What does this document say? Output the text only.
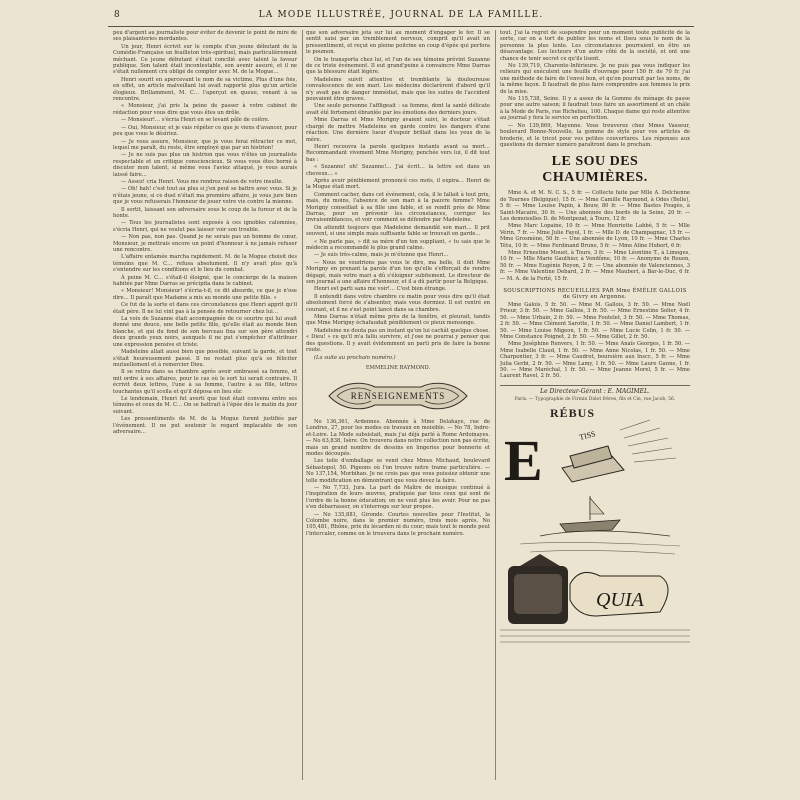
8	LA MODE ILLUSTRÉE, JOURNAL DE LA FAMILLE.

peu d'argent au journaliste pour éviter de devenir le point de mire de ses plaisanteries mordantes.

Un jour, Henri écrivit sur le compte d'un jeune débutant de la Comédie-Française un feuilleton très-spirituel, mais particulièrement méchant. Ce jeune débutant s'était concilié avec talent la faveur publique. Son talent était incontestable, son avenir assuré, et il ne s'était nullement cru obligé de compter avec M. de la Mogue…

Henri sourit en apercevant le nom de sa victime. Plus d'une fois, en effet, un article malveillant lui avait rapporté plus qu'un article élogieux. Brillamment, M. C… l'aperçut en queue, venant à sa rencontre.

« Monsieur, j'ai pris la peine de passer à votre cabinet de rédaction pour vous dire que vous êtes un drôle.

— Monsieur!… s'écria Henri en se levant pâle de colère.

— Oui, Monsieur, et je vais répéter ce que je viens d'avancer, pour peu que vous le désiriez.

— Je vous assure, Monsieur, que je vous ferai rétracter ce mot, lequel me paraît, du reste, être employé que par un histrion!

— Je ne suis pas plus un histrion que vous n'êtes un journaliste respectable et un critique consciencieux. Si vous vous êtes borné à discuter mon talent, si même vous l'aviez attaqué, je vous aurais laissé faire…

— Assez! cria Henri. Vous me rendrez raison de votre insulte.

— Oh! bah! c'est tout au plus si j'en peut se battre avec vous. Si je n'étais jeune, si ce duel n'était ma première affaire, je vous jure bien que je vous refuserais l'honneur de jouer votre vie contre la mienne.

Il sortit, laissant son adversaire sous le coup de la fureur et de la honte.

— Tous les journalistes sont exposés à ces ignobles calomnies, s'écria Henri, qui ne voulut pas laisser voir son trouble.

— Non pas, non pas. Quand je ne serais pas un homme de cœur, Monsieur, je mettrais encore un point d'honneur à ne jamais refuser une rencontre.

L'affaire entamée marcha rapidement. M. de la Mogue choisit des témoins que M. C… refusa absolument. Il n'y avait plus qu'à s'entendre sur les conditions et le lieu du combat.

À peine M. C… s'était-il éloigné, que le concierge de la maison habitée par Mme Darras se précipita dans le cabinet.

« Monsieur! Monsieur! s'écria-t-il, ce dit absurde, ce que je n'ose dire… Il paraît que Madame a mis au monde une petite fille. »

Ce fut de la sorte et dans ces circonstances que Henri apprit qu'il était père. Il ne lui vint pas à la pensée de retourner chez lui…

La voix de Suzanne était accompagnée de ce sourire qui lui avait donné une douce, une belle petite fille, qu'elle était au monde bien blanche, et qui du fond de son berceau fixa sur son père attendri deux grands yeux noirs, auxquels il ne put s'empêcher d'attribuer une expression pensive et triste.

Madeleine allait aussi bien que possible, suivant la garde, et tout s'était heureusement passé. Il ne restait plus qu'à se féliciter mutuellement et à remercier Dieu.

Il se retira dans sa chambre après avoir embrassé sa femme, et mit ordre à ses affaires, pour le cas où le sort lui serait contraire. Il écrivit deux lettres, l'une à sa femme, l'autre à sa fille, lettres touchantes qu'il scella et qu'il déposa en lieu sûr.

Le lendemain, Henri fut averti que tout était convenu entre ses témoins et ceux de M. C… On se battrait à l'épée dès le matin du jour suivant.

Les pressentiments de M. de la Mogue furent justifiés par l'événement. Il ne put soutenir le regard implacable de son adversaire…

que son adversaire jeta sur lui au moment d'engager le fer. Il se sentit saisi par un tremblement nerveux, comprit qu'il avait un pressentiment, et reçut en pleine poitrine un coup d'épée qui perfora le poumon.

On le transporta chez lui, et l'un de ses témoins prévint Suzanne de ce triste événement. Il eut grand'peine à convaincre Mme Darras que la blessure était légère.

Madeleine suivit attentive et tremblante la douloureuse convalescence de son mari. Les médecins déclarèrent d'abord qu'il n'y avait pas de danger immédiat, mais que les suites de l'accident pouvaient être graves.

Une seule personne l'affligeait : sa femme, dont la santé délicate avait été fortement ébranlée par les émotions des derniers jours.

Mme Darras et Mme Morigny avaient suivi, le docteur s'était chargé de mettre Madeleine en garde contre les dangers d'une réaction. Une dernière lueur d'espoir brillait dans les yeux de la mère.

Henri recouvra la parole quelques instants avant sa mort… Recommandant vivement Mme Morigny, penchée vers lui, il dit tout bas :

« Suzanne! oh! Suzanne!… J'ai écrit… la lettre est dans un cheveux… »

Après avoir péniblement prononcé ces mots, il expira… Henri de la Mogue était mort.

Comment cacher, dans cet événement, cela, il le fallait à tout prix, mais, du moins, l'absence de son mari à la pauvre femme? Mme Morigny conseillait à sa fille une fable, et se rendit près de Mme Darras, pour en prévenir les circonstances, corriger les invraisemblances, et voir comment se défendre par Madeleine.

On attendit toujours que Madeleine demandât son mari… Il prit souvent, si une simple mais suffisante fable se trouvait en garde…

« Ne parle pas, » dit sa mère d'un ton suppliant, « tu sais que le médecin a recommandé le plus grand calme.

— Je suis très-calme, mais je m'étonne que Henri…

— Nous ne voudrions pas vous le dire, ma belle, il doit Mme Morigny en prenant la parole d'un ton qu'elle s'efforçait de rendre dégagé, mais votre mari a dû s'éloigner subitement. Le directeur de son journal a une affaire d'honneur, et il a dû partir pour la Belgique.

Henri est parti sans me voir!… C'est bien étrange.

Il entendit dans votre chambre ce matin pour vous dire qu'il était absolument forcé de s'absenter, mais vous dormiez. Il est rentré en courant, et il ne s'est point lancé dans sa chambre.

Mme Darras n'était même près de la fenêtre, et pleurait, tandis que Mme Morigny échafaudait péniblement ce pieux mensonge.

Madeleine ne douta pas un instant qu'on lui cachât quelque chose. « Dieu! » ce qu'il m'a fallu survivre, et j'ose ne pourrai y penser que des questions. Il y avait évidemment un parti pris de faire la bonne route.

(La suite au prochain numéro.)

EMMELINE RAYMOND.
RENSEIGNEMENTS

No 136,361, Ardennes. Abonnée à Mme Delahaye, rue de Londres, 27, pour les modes ou travaux en moisible. — No 78, Indre-et-Loire. La Mode subsistait, mais j'ai déjà parlé à Rome Ardoinayes. — No 63,838, Isère. On trouvera dans notre collection non pas écrite, mais un grand nombre de dessins en lingeries pour bonnerie et modes découpés.

Les toile d'emballage se vend chez Mmes Michaud, boulevard Sébastopol, 50. Pigeons où l'on trouve notre trame particulière. — No 137,154, Morbihan. Je ne crois pas que vous puissiez obtenir une telle modification en démontrant que vous devez la faire.

— No 7,733, Jura. La part de Maître de musique continué à l'inspiration de leurs œuvres, pratiquée par tous ceux qui sont de l'ordre de la bonne éducation; on ne veut plus les avoir. Pour ne pas s'en débarrasser, on s'interroge sur leur propos.

— No 135,881, Gironde. Courtes nouvelles pour l'Institut, la Colombe noire, dans le premier numéro, trois mois après. No 105,481, Rhône, prix du lécarden ni du cour; mais tout le monde peut l'intercaler, comme on le trouvera dans le prochain numéro.

tout. J'ai la regret de suspendre pour un moment toute publicité de la sorte, car on a tort de publier les noms et Ilseu sous le nom de la personne la plus lente. Les circonstances pourraient en être un désavantage. Les lecteurs d'un autre côté de la société, et ont une chance de tenir secret ce qu'ils lisent.

No 139,719, Charente-Inférieure. Je ne puis pas vous indiquer les relieurs qui exécutent une feuille d'ouvrage pour 150 fr. de 70 fr. j'ai une méthode de faire de l'envoi bon, et qu'on pourrait par les noms, de la même façon. Il faudrait de plus faire comprendre aux femmes le prix de la mise.

No 115,738, Seine. Il y a assez de la Gomme de ménage de passe pour une autre saison; il faudrait tous faire un assortiment et un châle à la Mode de Paris, rue Richelieu, 100. Chaque dame qui reste attentive au journal y fera le service en perfection.

— No 139,869, Mayenne. Vous trouverez chez Mmes Vasseur, boulevard Bonne-Nouvelle, la gomme de style pour vos articles de broderie, et le tricot pour vos petites couvertures. Les réponses aux questions du dernier numéro paraîtront dans le prochain.

LE SOU DES CHAUMIÈRES.

Mme A. et M. N. C. S., 5 fr. — Collecte faite par Mlle A. Delchenne de Tournes (Belgique), 15 fr. — Mme Camille Raymond, à Odes (Belle), 5 fr. — Mme Louise Papin, à Bouw, 80 fr. — Mme Bastes Fougès, à Saint-Macaire, 30 fr. — Une abonnée des bords de la Seine, 20 fr. — Les demoiselles D. de Montpezat, à Tours, 12 fr.

Mme Marc Lopaine, 10 fr. — Mme Henriette Labbé, 5 fr. — Mlle Vérin, 7 fr. — Mme Julie Fayol, 1 fr. — Mlle D. de Champagnac, 15 fr. — Mme Grosmène, 50 fr. — Une abonnée de Lyon, 10 fr. — Mme Charles Tétu, 10 fr. — Mme Ferdinand Brune, 5 fr. — Mme Aline Hubert, 6 fr.

Mme Ernestine Mouet, à Tours, 3 fr. — Mme Léontine T., à Limoges, 10 fr. — Mlle Marie Gauthier, à Vendôme, 10 fr. — Anonyme de Rouen, 50 fr. — Mme Eugénie Royon, 2 fr. — Une abonnée de Valenciennes, 3 fr. — Mme Valentine Debard, 2 fr. — Mme Maubert, à Bar-le-Duc, 6 fr. — M. A. de la Ferté, 15 fr.

SOUSCRIPTIONS RECUEILLIES PAR Mme ÉMÉLIE GALLOIS de Givry en Argonne.

Mme Galois, 5 fr. 50. — Mme M. Gallois, 3 fr. 50. — Mme Noël Prieur, 3 fr. 50. — Mme Gallois, 3 fr. 50. — Mme Ernestine Solier, 4 fr. 50. — Mme Urbain, 2 fr. 50. — Mme Foutelet, 3 fr. 50. — Mme Thomas, 2 fr. 50. — Mme Clément Sarotte, 1 fr. 50. — Mme Daniel Lambert, 1 fr. 50. — Mme Louise Migeon, 1 fr. 50. — Mme Lucie Colin, 1 fr. 50. — Mme Constance Poignet, 2 fr. 50. — Mme Gillet, 2 fr. 50.

Mme Joséphine Renvers, 1 fr. 50. — Mme Anaïs Georges, 1 fr. 50. — Mme Isabelle Claud, 1 fr. 50. — Mme Anne Nicolas, 1 fr. 50. — Mme Charpentier, 3 fr. — Mme Caudrot, boursière aux Inscr., 5 fr. — Mme Julia Gerbi, 2 fr. 50. — Mme Lamy, 1 fr. 50. — Mme Laure Ganne, 1 fr. 50. — Mme Maréchal, 1 fr. 50. — Mme Jeanne Morel, 5 fr. — Mme Laurent Ravel, 2 fr. 50.

Le Directeur-Gérant : E. MAGIMEL.
Paris. — Typographie de Firmin Didot frères, fils et Cie, rue Jacob, 56.
RÉBUS
E	TISS
QUIA
